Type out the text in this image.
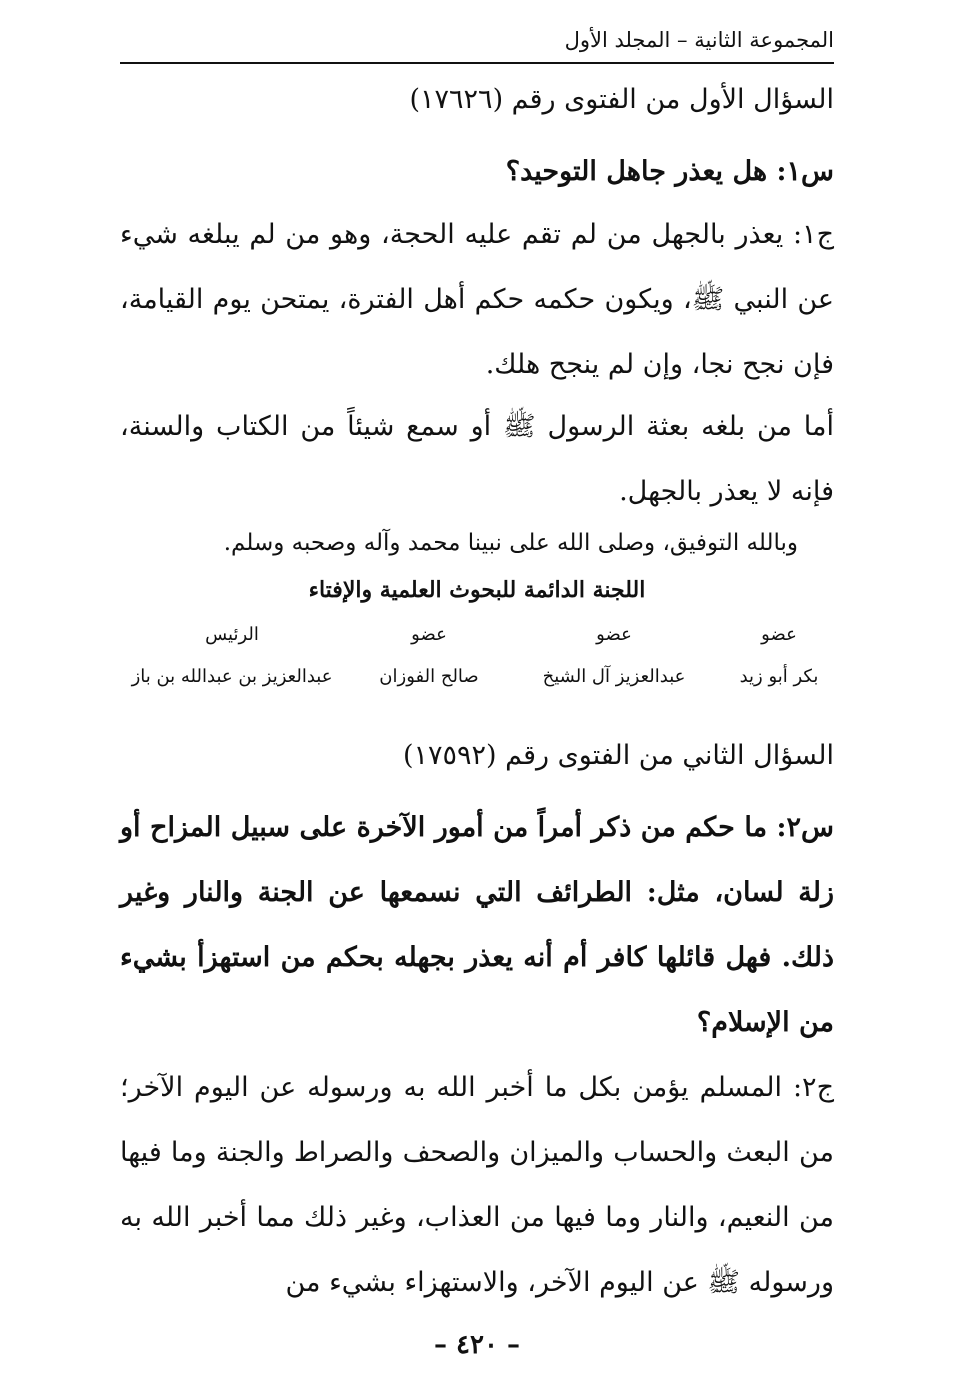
المجموعة الثانية – المجلد الأول
السؤال الأول من الفتوى رقم (١٧٦٢٦)
س١: هل يعذر جاهل التوحيد؟
ج١: يعذر بالجهل من لم تقم عليه الحجة، وهو من لم يبلغه شيء عن النبي ﷺ، ويكون حكمه حكم أهل الفترة، يمتحن يوم القيامة، فإن نجح نجا، وإن لم ينجح هلك.
أما من بلغه بعثة الرسول ﷺ أو سمع شيئاً من الكتاب والسنة، فإنه لا يعذر بالجهل.
وبالله التوفيق، وصلى الله على نبينا محمد وآله وصحبه وسلم.
اللجنة الدائمة للبحوث العلمية والإفتاء
عضو
عضو
عضو
الرئيس
بكر أبو زيد
عبدالعزيز آل الشيخ
صالح الفوزان
عبدالعزيز بن عبدالله بن باز
السؤال الثاني من الفتوى رقم (١٧٥٩٢)
س٢: ما حكم من ذكر أمراً من أمور الآخرة على سبيل المزاح أو زلة لسان، مثل: الطرائف التي نسمعها عن الجنة والنار وغير ذلك. فهل قائلها كافر أم أنه يعذر بجهله بحكم من استهزأ بشيء من الإسلام؟
ج٢: المسلم يؤمن بكل ما أخبر الله به ورسوله عن اليوم الآخر؛ من البعث والحساب والميزان والصحف والصراط والجنة وما فيها من النعيم، والنار وما فيها من العذاب، وغير ذلك مما أخبر الله به ورسوله ﷺ عن اليوم الآخر، والاستهزاء بشيء من
– ٤٢٠ –
